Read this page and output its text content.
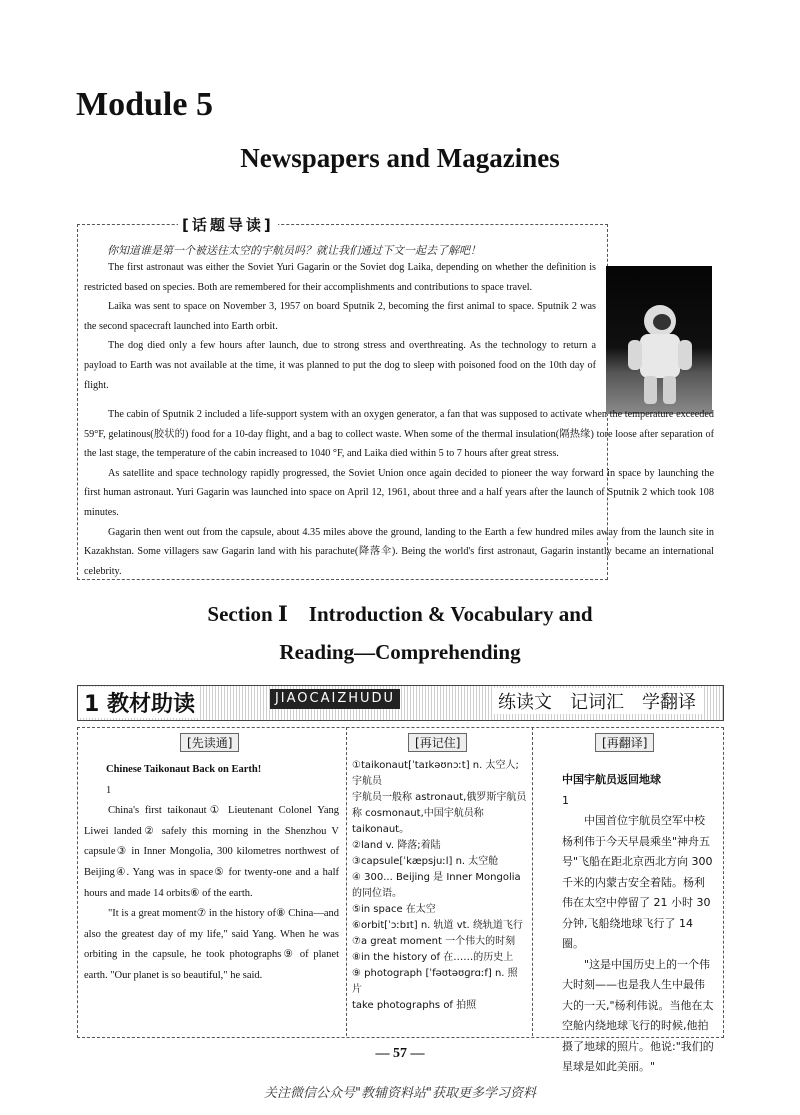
Module 5
Newspapers and Magazines
[话题导读]
你知道谁是第一个被送往太空的宇航员吗？就让我们通过下文一起去了解吧！
The first astronaut was either the Soviet Yuri Gagarin or the Soviet dog Laika, depending on whether the definition is restricted based on species. Both are remembered for their accomplishments and contributions to space travel.
Laika was sent to space on November 3, 1957 on board Sputnik 2, becoming the first animal to space. Sputnik 2 was the second spacecraft launched into Earth orbit.
The dog died only a few hours after launch, due to strong stress and overthreating. As the technology to return a payload to Earth was not available at the time, it was planned to put the dog to sleep with poisoned food on the 10th day of flight.
The cabin of Sputnik 2 included a life-support system with an oxygen generator, a fan that was supposed to activate when the temperature exceeded 59°F, gelatinous(胶状的) food for a 10-day flight, and a bag to collect waste. When some of the thermal insulation(隔热缘) tore loose after separation of the last stage, the temperature of the cabin increased to 1040 °F, and Laika died within 5 to 7 hours after great stress.
As satellite and space technology rapidly progressed, the Soviet Union once again decided to pioneer the way forward in space by launching the first human astronaut. Yuri Gagarin was launched into space on April 12, 1961, about three and a half years after the launch of Sputnik 2 which took 108 minutes.
Gagarin then went out from the capsule, about 4.35 miles above the ground, landing to the Earth a few hundred miles away from the launch site in Kazakhstan. Some villagers saw Gagarin land with his parachute(降落伞). Being the world's first astronaut, Gagarin instantly became an international celebrity.
Section Ⅰ　Introduction & Vocabulary and
Reading—Comprehending
1 教材助读	JIAOCAIZHUDU	练读文　记词汇　学翻译
[先读通]	[再记住]	[再翻译]
Chinese Taikonaut Back on Earth!
1
China's first taikonaut① Lieutenant Colonel Yang Liwei landed② safely this morning in the Shenzhou V capsule③ in Inner Mongolia, 300 kilometres northwest of Beijing④. Yang was in space⑤ for twenty-one and a half hours and made 14 orbits⑥ of the earth.
"It is a great moment⑦ in the history of⑧ China—and also the greatest day of my life," said Yang. When he was orbiting in the capsule, he took photographs⑨ of planet earth. "Our planet is so beautiful," he said.
①taikonaut[ˈtaɪkəʊnɔːt] n. 太空人;宇航员
宇航员一般称 astronaut,俄罗斯宇航员称 cosmonaut,中国宇航员称 taikonaut。
②land v. 降落;着陆
③capsule[ˈkæpsjuːl] n. 太空舱
④ 300... Beijing 是 Inner Mongolia 的同位语。
⑤in space 在太空
⑥orbit[ˈɔːbɪt] n. 轨道 vt. 绕轨道飞行
⑦a great moment 一个伟大的时刻
⑧in the history of 在……的历史上
⑨ photograph [ˈfəʊtəʊɡrɑːf] n. 照片
take photographs of 拍照
中国宇航员返回地球
1
中国首位宇航员空军中校杨利伟于今天早晨乘坐"神舟五号"飞船在距北京西北方向 300 千米的内蒙古安全着陆。杨利伟在太空中停留了 21 小时 30 分钟,飞船绕地球飞行了 14 圈。
"这是中国历史上的一个伟大时刻——也是我人生中最伟大的一天,"杨利伟说。当他在太空舱内绕地球飞行的时候,他拍摄了地球的照片。他说:"我们的星球是如此美丽。"
— 57 —
关注微信公众号"教辅资料站"获取更多学习资料
